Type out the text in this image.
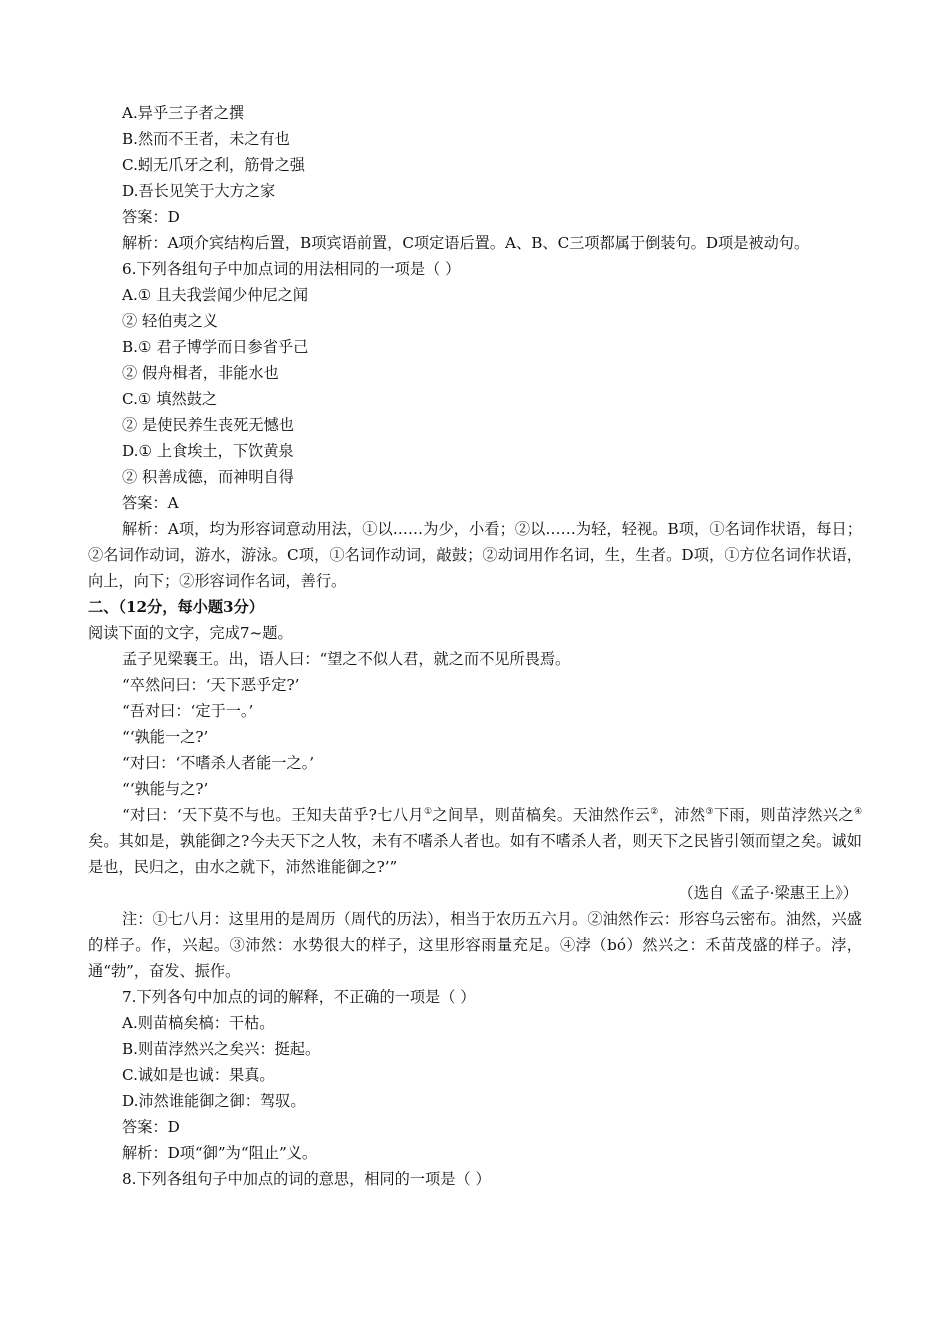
A.异乎三子者之撰
B.然而不王者，未之有也
C.蚓无爪牙之利，筋骨之强
D.吾长见笑于大方之家
答案：D

解析：A项介宾结构后置，B项宾语前置，C项定语后置。A、B、C三项都属于倒装句。D项是被动句。

6.下列各组句子中加点词的用法相同的一项是（ ）
A.① 且夫我尝闻少仲尼之闻
② 轻伯夷之义
B.① 君子博学而日参省乎己
② 假舟楫者，非能水也
C.① 填然鼓之
② 是使民养生丧死无憾也
D.① 上食埃土，下饮黄泉
② 积善成德，而神明自得
答案：A

解析：A项，均为形容词意动用法，①以……为少，小看；②以……为轻，轻视。B项，①名词作状语，每日；②名词作动词，游水，游泳。C项，①名词作动词，敲鼓；②动词用作名词，生，生者。D项，①方位名词作状语，向上，向下；②形容词作名词，善行。

二、（12分，每小题3分）
阅读下面的文字，完成7~题。
孟子见梁襄王。出，语人曰：“望之不似人君，就之而不见所畏焉。
“卒然问曰：‘天下恶乎定?’
“吾对曰：‘定于一。’
“‘孰能一之?’
“对曰：‘不嗜杀人者能一之。’
“‘孰能与之?’

“对曰：‘天下莫不与也。王知夫苗乎?七八月①之间旱，则苗槁矣。天油然作云②，沛然③下雨，则苗浡然兴之④矣。其如是，孰能御之?今夫天下之人牧，未有不嗜杀人者也。如有不嗜杀人者，则天下之民皆引领而望之矣。诚如是也，民归之，由水之就下，沛然谁能御之?’”

（选自《孟子·梁惠王上》）

注：①七八月：这里用的是周历（周代的历法），相当于农历五六月。②油然作云：形容乌云密布。油然，兴盛的样子。作，兴起。③沛然：水势很大的样子，这里形容雨量充足。④浡（bó）然兴之：禾苗茂盛的样子。浡，通“勃”，奋发、振作。

7.下列各句中加点的词的解释，不正确的一项是（ ）
A.则苗槁矣槁：干枯。
B.则苗浡然兴之矣兴：挺起。
C.诚如是也诚：果真。
D.沛然谁能御之御：驾驭。
答案：D
解析：D项“御”为“阻止”义。
8.下列各组句子中加点的词的意思，相同的一项是（ ）
